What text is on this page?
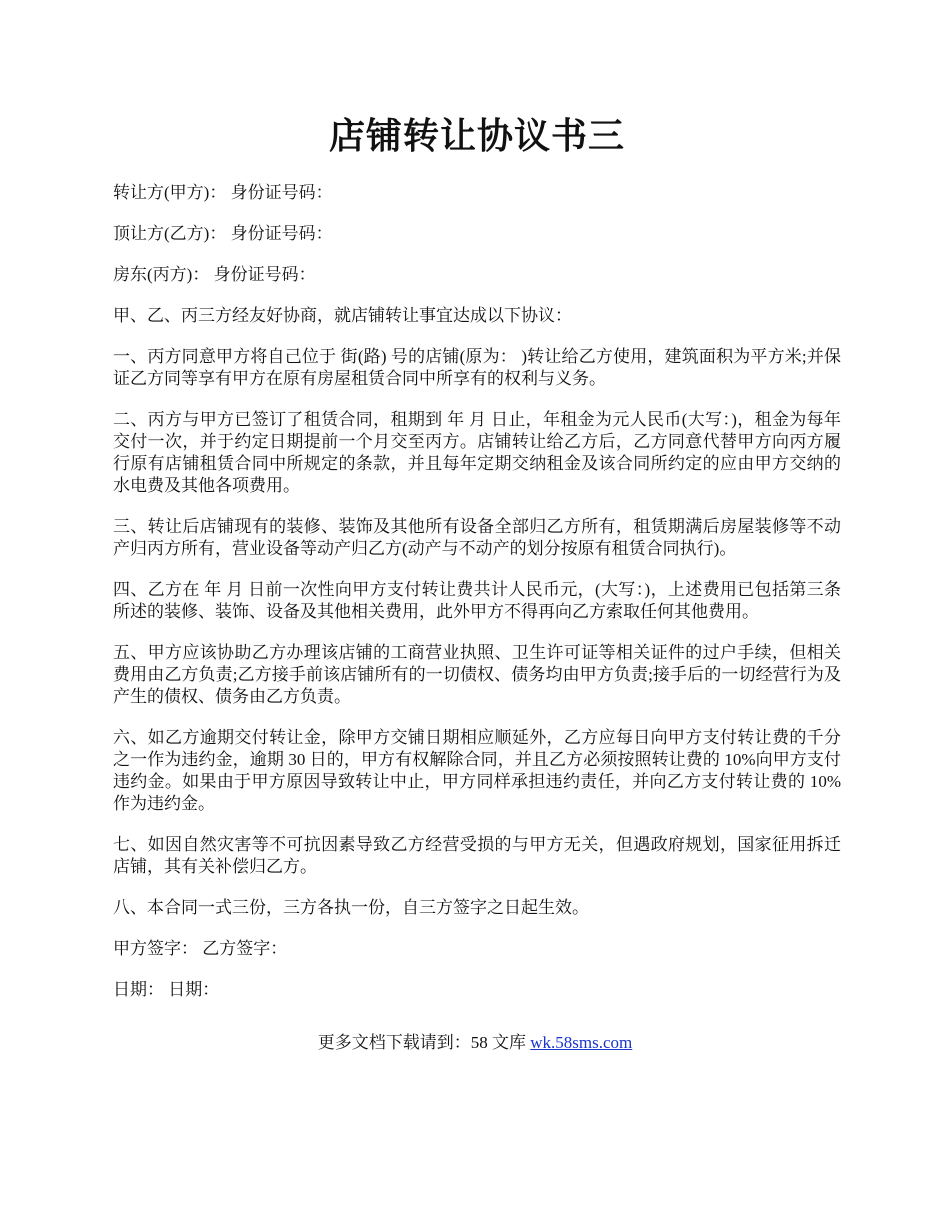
店铺转让协议书三

转让方(甲方)： 身份证号码：

顶让方(乙方)： 身份证号码：

房东(丙方)： 身份证号码：

甲、乙、丙三方经友好协商，就店铺转让事宜达成以下协议：

一、丙方同意甲方将自己位于 街(路) 号的店铺(原为： )转让给乙方使用，建筑面积为平方米;并保证乙方同等享有甲方在原有房屋租赁合同中所享有的权利与义务。

二、丙方与甲方已签订了租赁合同，租期到 年 月 日止，年租金为元人民币(大写：)，租金为每年交付一次，并于约定日期提前一个月交至丙方。店铺转让给乙方后，乙方同意代替甲方向丙方履行原有店铺租赁合同中所规定的条款，并且每年定期交纳租金及该合同所约定的应由甲方交纳的水电费及其他各项费用。

三、转让后店铺现有的装修、装饰及其他所有设备全部归乙方所有，租赁期满后房屋装修等不动产归丙方所有，营业设备等动产归乙方(动产与不动产的划分按原有租赁合同执行)。

四、乙方在 年 月 日前一次性向甲方支付转让费共计人民币元，(大写：)，上述费用已包括第三条所述的装修、装饰、设备及其他相关费用，此外甲方不得再向乙方索取任何其他费用。

五、甲方应该协助乙方办理该店铺的工商营业执照、卫生许可证等相关证件的过户手续，但相关费用由乙方负责;乙方接手前该店铺所有的一切债权、债务均由甲方负责;接手后的一切经营行为及产生的债权、债务由乙方负责。

六、如乙方逾期交付转让金，除甲方交铺日期相应顺延外，乙方应每日向甲方支付转让费的千分之一作为违约金，逾期 30 日的，甲方有权解除合同，并且乙方必须按照转让费的 10%向甲方支付违约金。如果由于甲方原因导致转让中止，甲方同样承担违约责任，并向乙方支付转让费的 10%作为违约金。

七、如因自然灾害等不可抗因素导致乙方经营受损的与甲方无关，但遇政府规划，国家征用拆迁店铺，其有关补偿归乙方。

八、本合同一式三份，三方各执一份，自三方签字之日起生效。

甲方签字： 乙方签字：

日期： 日期：

更多文档下载请到：58 文库 wk.58sms.com
